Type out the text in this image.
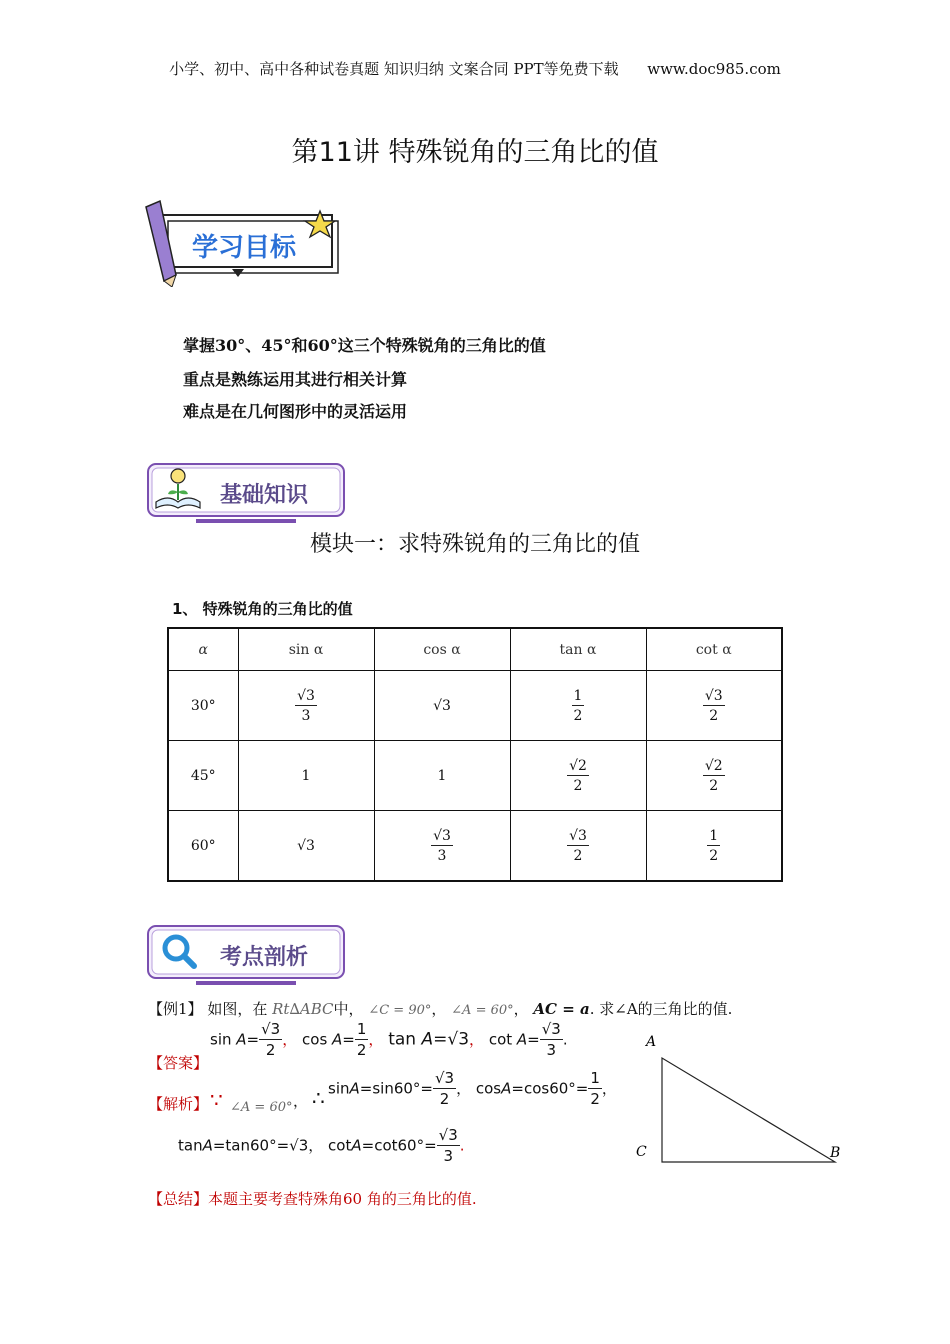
小学、初中、高中各种试卷真题 知识归纳 文案合同 PPT等免费下载 www.doc985.com
第11讲 特殊锐角的三角比的值
学习目标
掌握30°、45°和60°这三个特殊锐角的三角比的值
重点是熟练运用其进行相关计算
难点是在几何图形中的灵活运用
基础知识
模块一：求特殊锐角的三角比的值
1、 特殊锐角的三角比的值
α	sin α	cos α	tan α	cot α
30°	$\frac{√3}{3}$	√3	$\frac{1}{2}$	$\frac{√3}{2}$

45°	1	1	$\frac{√2}{2}$	$\frac{√2}{2}$

60°	√3	$\frac{√3}{3}$	$\frac{√3}{2}$	$\frac{1}{2}$
考点剖析
【例1】 如图，在 Rt∆ABC中， ∠C = 90°， ∠A = 60°， AC = a. 求∠A的三角比的值.
【答案】
$\sin A= \frac{√3}{2}$ ， $\cos A= \frac{1}{2}$ ， tan A=√3， $\cot A= \frac{√3}{3}$ .
【解析】 ∵ ∠A = 60° ， ∴ $\sin A=\sin 60^\circ= \frac{√3}{2}$ ， $\cos A=\cos 60^\circ= \frac{1}{2}$ ，
tanA=tan60°=√3， $\cot A=\cot 60^\circ= \frac{√3}{3}$ .
【总结】本题主要考查特殊角60 角的三角比的值.
A
C	B
